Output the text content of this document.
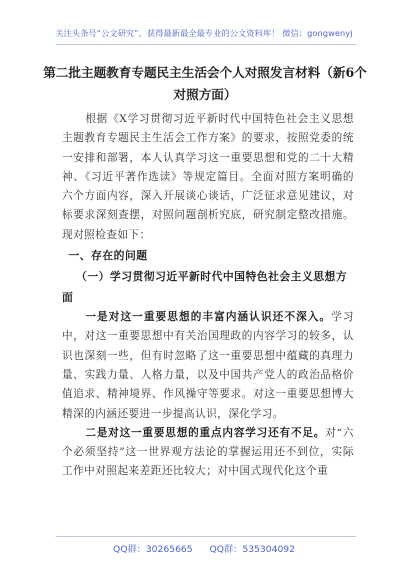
关注头条号“公文研究”，获得最新最全最专业的公文资料库！ 微信：gongwenyj
第二批主题教育专题民主生活会个人对照发言材料（新6个对照方面）

根据《X学习贯彻习近平新时代中国特色社会主义思想主题教育专题民主生活会工作方案》的要求，按照党委的统一安排和部署，本人认真学习这一重要思想和党的二十大精神、《习近平著作选读》等规定篇目。全面对照方案明确的六个方面内容，深入开展谈心谈话，广泛征求意见建议，对标要求深刻查摆，对照问题剖析究底，研究制定整改措施。现对照检查如下：

一、存在的问题
（一）学习贯彻习近平新时代中国特色社会主义思想方面

一是对这一重要思想的丰富内涵认识还不深入。学习中，对这一重要思想中有关治国理政的内容学习的较多，认识也深刻一些，但有时忽略了这一重要思想中蕴藏的真理力量、实践力量、人格力量，以及中国共产党人的政治品格价值追求、精神境界、作风操守等要求。对这一重要思想博大精深的内涵还要进一步提高认识，深化学习。

二是对这一重要思想的重点内容学习还有不足。对“六个必须坚持”这一世界观方法论的掌握运用还不到位，实际工作中对照起来差距还比较大；对中国式现代化这个重

QQ群：30265665 QQ群：535304092
